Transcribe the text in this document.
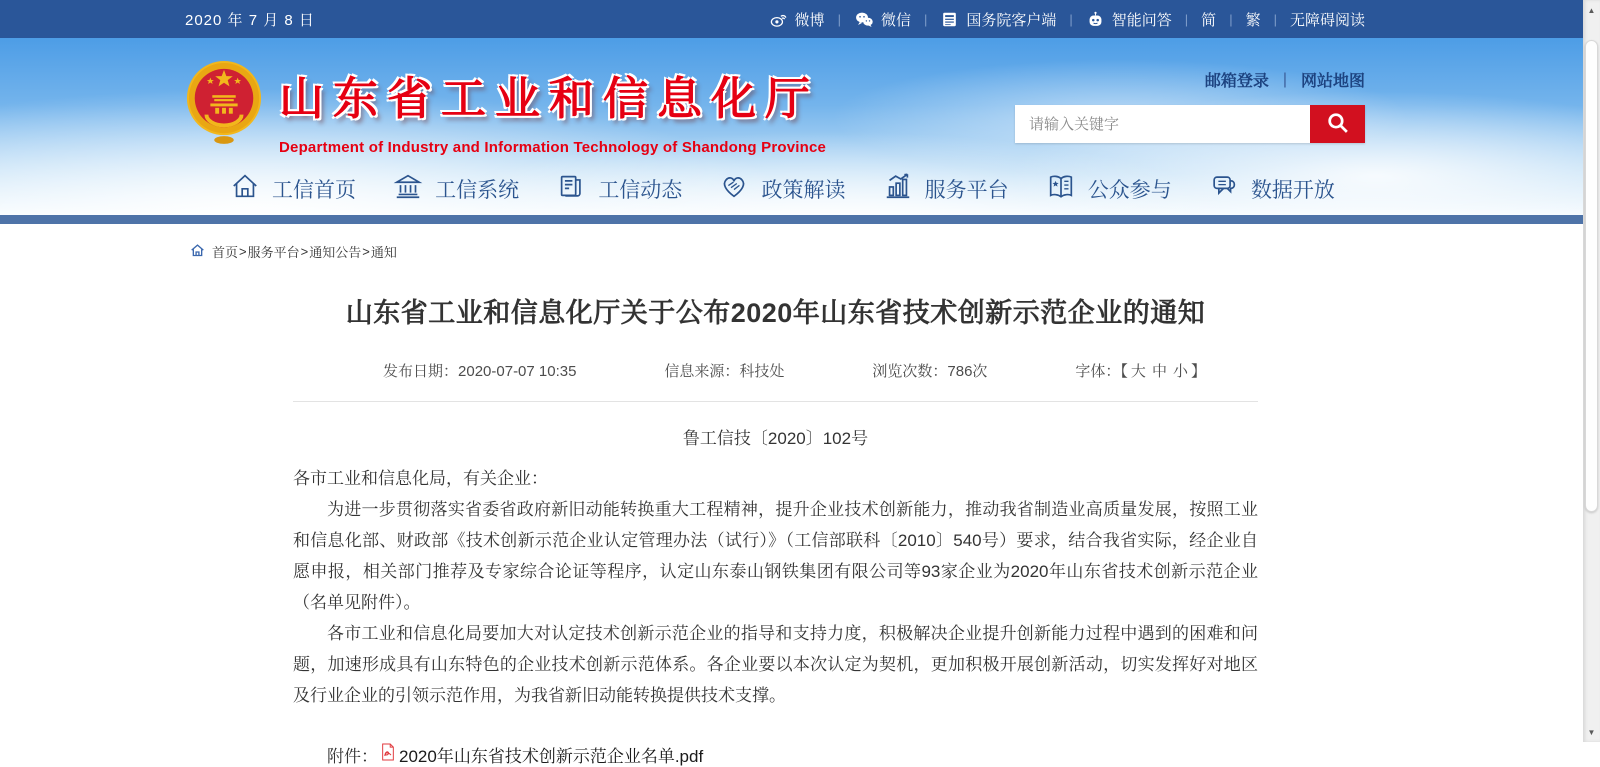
2020 年 7 月 8 日	微博 |	微信 |	国务院客户端 |	智能问答 | 简 | 繁 | 无障碍阅读
山东省工业和信息化厅
Department of Industry and Information Technology of Shandong Province
邮箱登录 | 网站地图
请输入关键字
工信首页	工信系统	工信动态	政策解读	服务平台	公众参与	数据开放
首页 > 服务平台 > 通知公告 > 通知
山东省工业和信息化厅关于公布2020年山东省技术创新示范企业的通知
发布日期：2020-07-07 10:35	信息来源：科技处	浏览次数：786次	字体：【 大 中 小 】
鲁工信技〔2020〕102号

各市工业和信息化局，有关企业：

为进一步贯彻落实省委省政府新旧动能转换重大工程精神，提升企业技术创新能力，推动我省制造业高质量发展，按照工业和信息化部、财政部《技术创新示范企业认定管理办法（试行）》（工信部联科〔2010〕540号）要求，结合我省实际，经企业自愿申报，相关部门推荐及专家综合论证等程序，认定山东泰山钢铁集团有限公司等93家企业为2020年山东省技术创新示范企业（名单见附件）。

各市工业和信息化局要加大对认定技术创新示范企业的指导和支持力度，积极解决企业提升创新能力过程中遇到的困难和问题，加速形成具有山东特色的企业技术创新示范体系。各企业要以本次认定为契机，更加积极开展创新活动，切实发挥好对地区及行业企业的引领示范作用，为我省新旧动能转换提供技术支撑。

附件： 2020年山东省技术创新示范企业名单.pdf
▲
▼
